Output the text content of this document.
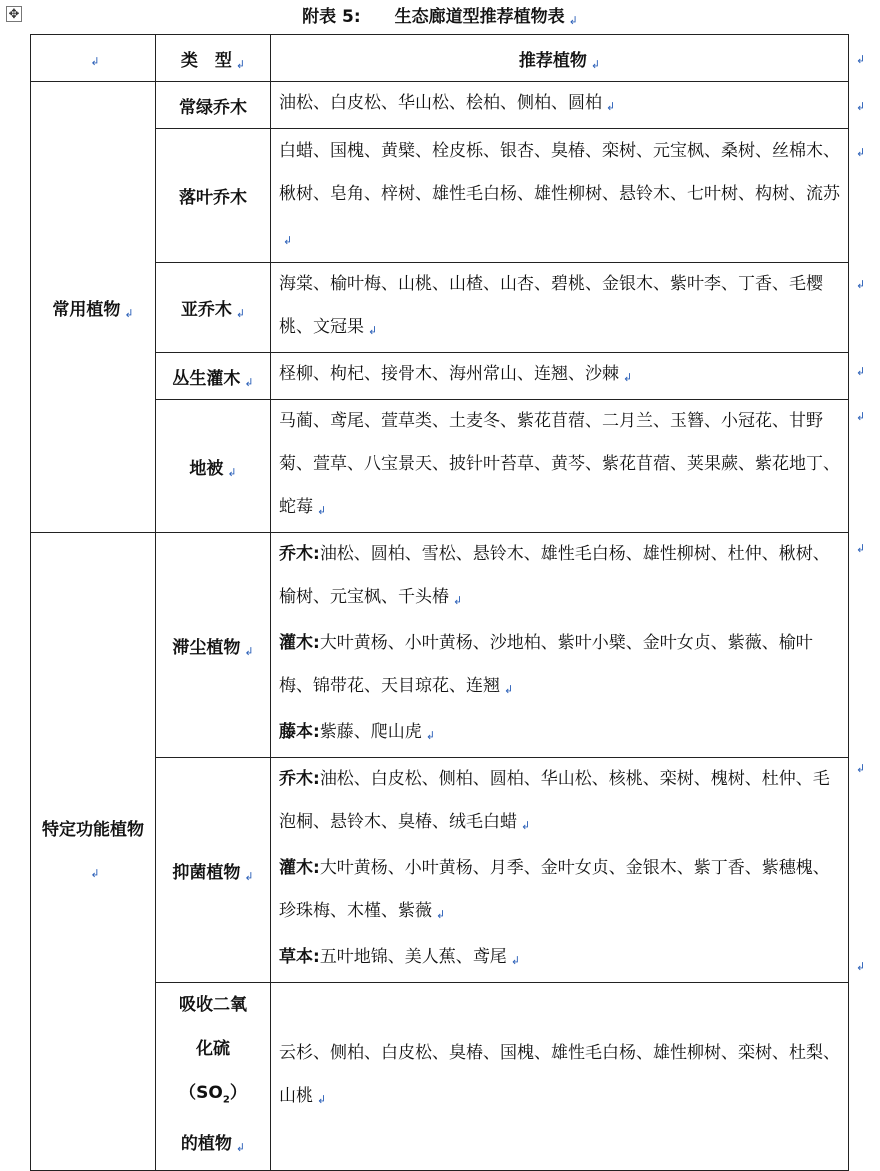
✥	附表 5: 生态廊道型推荐植物表 ↲
↲	类　型 ↲	推荐植物 ↲
常用植物 ↲	常绿乔木	油松、白皮松、华山松、桧柏、侧柏、圆柏 ↲
	落叶乔木	白蜡、国槐、黄檗、栓皮栎、银杏、臭椿、栾树、元宝枫、桑树、丝棉木、楸树、皂角、梓树、雄性毛白杨、雄性柳树、悬铃木、七叶树、构树、流苏↲
	亚乔木 ↲	海棠、榆叶梅、山桃、山楂、山杏、碧桃、金银木、紫叶李、丁香、毛樱桃、文冠果 ↲
	丛生灌木 ↲	柽柳、枸杞、接骨木、海州常山、连翘、沙棘 ↲
	地被 ↲	马蔺、鸢尾、萱草类、土麦冬、紫花苜蓿、二月兰、玉簪、小冠花、甘野菊、萱草、八宝景天、披针叶苔草、黄芩、紫花苜蓿、荚果蕨、紫花地丁、蛇莓 ↲
特定功能植物↲	滞尘植物 ↲	乔木:油松、圆柏、雪松、悬铃木、雄性毛白杨、雄性柳树、杜仲、楸树、榆树、元宝枫、千头椿 ↲
灌木:大叶黄杨、小叶黄杨、沙地柏、紫叶小檗、金叶女贞、紫薇、榆叶梅、锦带花、天目琼花、连翘 ↲
藤本:紫藤、爬山虎 ↲

	抑菌植物 ↲	乔木:油松、白皮松、侧柏、圆柏、华山松、核桃、栾树、槐树、杜仲、毛泡桐、悬铃木、臭椿、绒毛白蜡 ↲
灌木:大叶黄杨、小叶黄杨、月季、金叶女贞、金银木、紫丁香、紫穗槐、珍珠梅、木槿、紫薇 ↲
草本:五叶地锦、美人蕉、鸢尾 ↲

	吸收二氧
化硫$(SO_2)$
的植物 ↲	云杉、侧柏、白皮松、臭椿、国槐、雄性毛白杨、雄性柳树、栾树、杜梨、山桃 ↲
↲
↲
↲
↲
↲
↲
↲
↲
↲
